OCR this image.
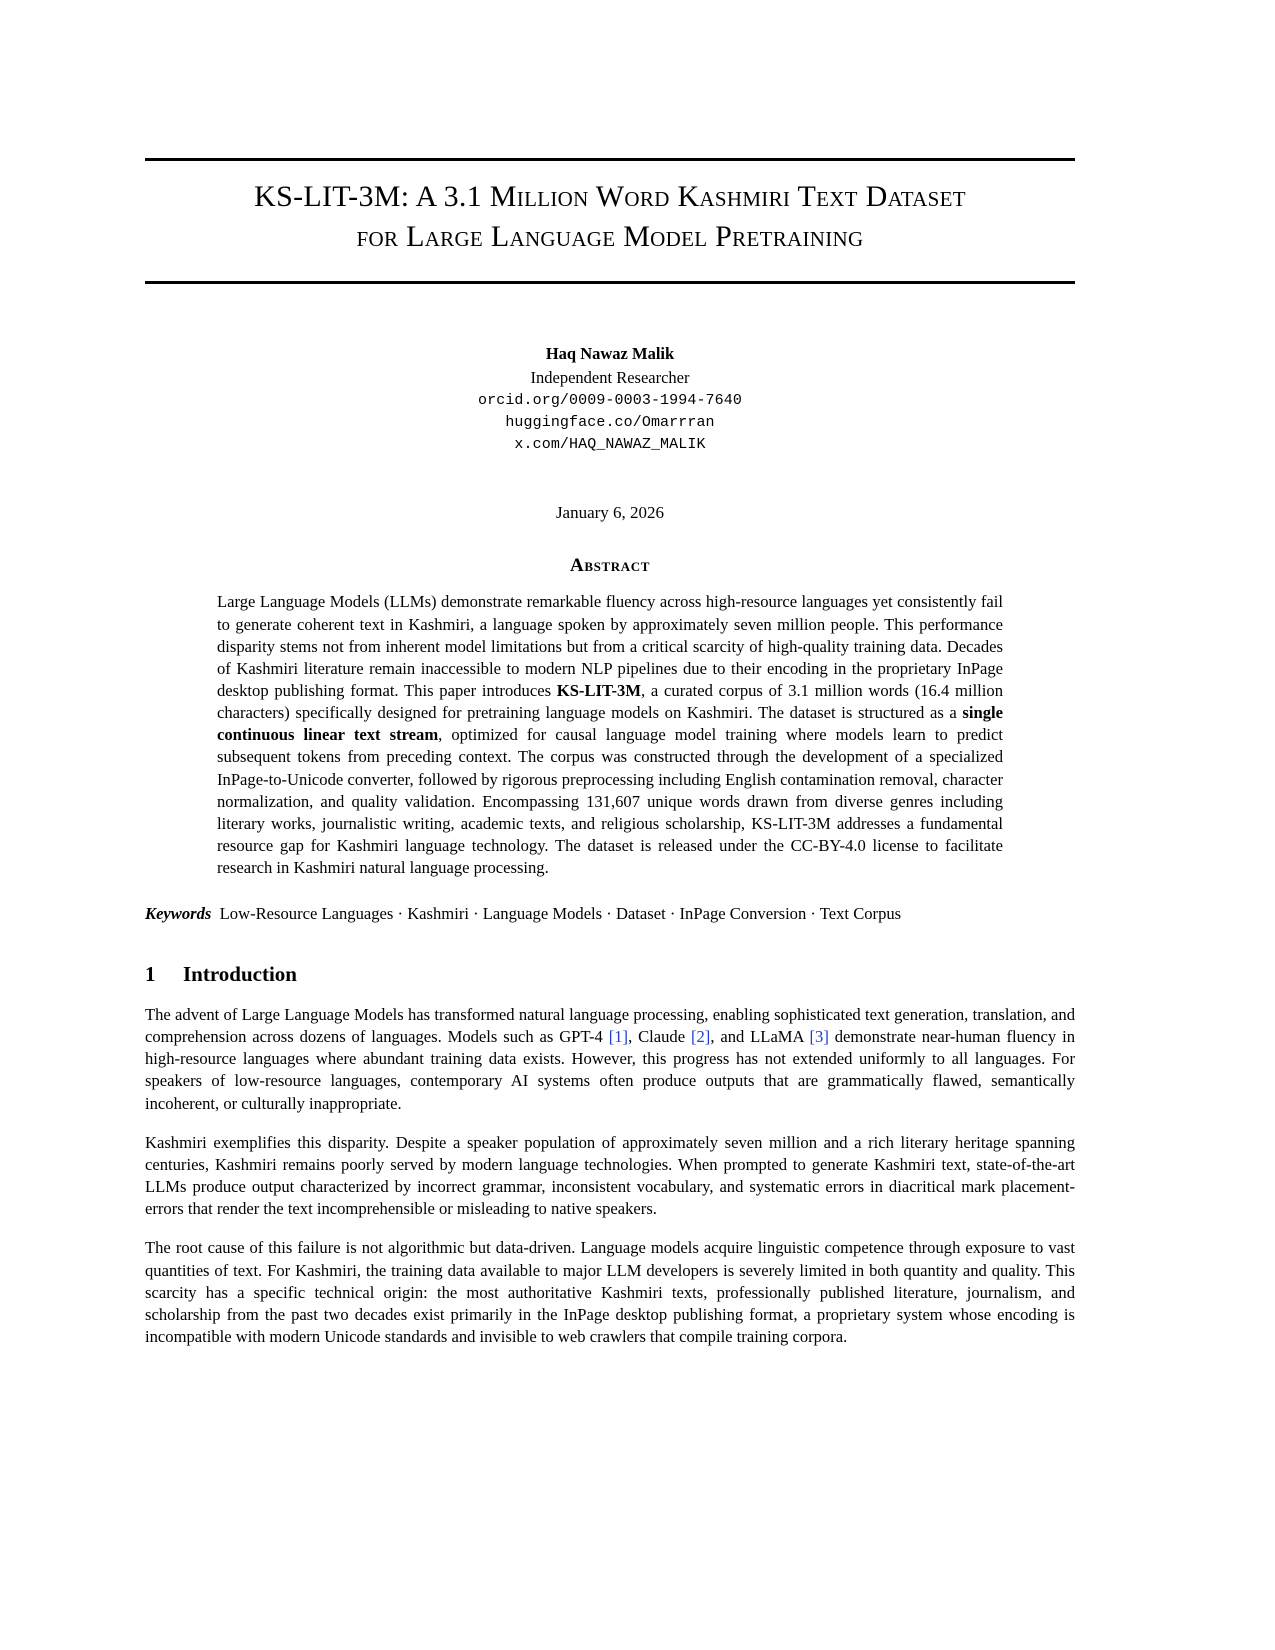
KS-LIT-3M: A 3.1 Million Word Kashmiri Text Dataset
for Large Language Model Pretraining
Haq Nawaz Malik
Independent Researcher
orcid.org/0009-0003-1994-7640
huggingface.co/Omarrran
x.com/HAQ_NAWAZ_MALIK
January 6, 2026
Abstract
Large Language Models (LLMs) demonstrate remarkable fluency across high-resource languages yet consistently fail to generate coherent text in Kashmiri, a language spoken by approximately seven million people. This performance disparity stems not from inherent model limitations but from a critical scarcity of high-quality training data. Decades of Kashmiri literature remain inaccessible to modern NLP pipelines due to their encoding in the proprietary InPage desktop publishing format. This paper introduces KS-LIT-3M, a curated corpus of 3.1 million words (16.4 million characters) specifically designed for pretraining language models on Kashmiri. The dataset is structured as a single continuous linear text stream, optimized for causal language model training where models learn to predict subsequent tokens from preceding context. The corpus was constructed through the development of a specialized InPage-to-Unicode converter, followed by rigorous preprocessing including English contamination removal, character normalization, and quality validation. Encompassing 131,607 unique words drawn from diverse genres including literary works, journalistic writing, academic texts, and religious scholarship, KS-LIT-3M addresses a fundamental resource gap for Kashmiri language technology. The dataset is released under the CC-BY-4.0 license to facilitate research in Kashmiri natural language processing.
Keywords Low-Resource Languages · Kashmiri · Language Models · Dataset · InPage Conversion · Text Corpus
1 Introduction

The advent of Large Language Models has transformed natural language processing, enabling sophisticated text generation, translation, and comprehension across dozens of languages. Models such as GPT-4 [1], Claude [2], and LLaMA [3] demonstrate near-human fluency in high-resource languages where abundant training data exists. However, this progress has not extended uniformly to all languages. For speakers of low-resource languages, contemporary AI systems often produce outputs that are grammatically flawed, semantically incoherent, or culturally inappropriate.

Kashmiri exemplifies this disparity. Despite a speaker population of approximately seven million and a rich literary heritage spanning centuries, Kashmiri remains poorly served by modern language technologies. When prompted to generate Kashmiri text, state-of-the-art LLMs produce output characterized by incorrect grammar, inconsistent vocabulary, and systematic errors in diacritical mark placement-errors that render the text incomprehensible or misleading to native speakers.

The root cause of this failure is not algorithmic but data-driven. Language models acquire linguistic competence through exposure to vast quantities of text. For Kashmiri, the training data available to major LLM developers is severely limited in both quantity and quality. This scarcity has a specific technical origin: the most authoritative Kashmiri texts, professionally published literature, journalism, and scholarship from the past two decades exist primarily in the InPage desktop publishing format, a proprietary system whose encoding is incompatible with modern Unicode standards and invisible to web crawlers that compile training corpora.
